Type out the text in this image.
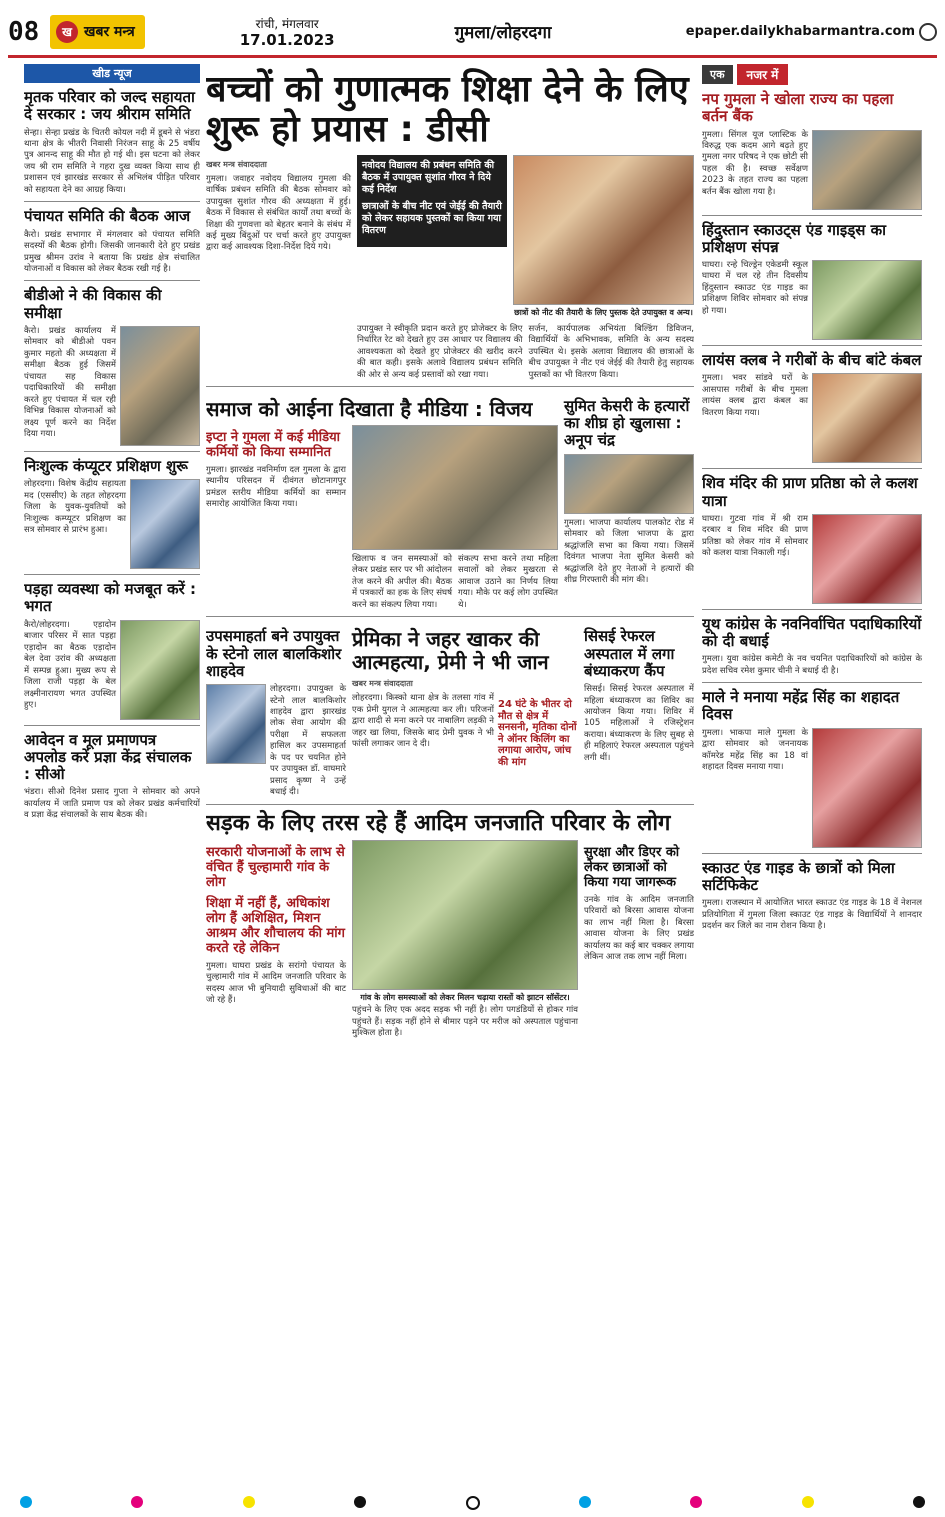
08	ख खबर मन्त्र
रांची, मंगलवार
17.01.2023	गुमला/लोहरदगा	epaper.dailykhabarmantra.com
खीड न्यूज
मृतक परिवार को जल्द सहायता दे सरकार : जय श्रीराम समिति
सेन्हा। सेन्हा प्रखंड के चितरी कोयल नदी में डूबने से भंडरा थाना क्षेत्र के भीतरी निवासी निरंजन साहू के 25 वर्षीय पुत्र आनन्द साहू की मौत हो गई थी। इस घटना को लेकर जय श्री राम समिति ने गहरा दुख व्यक्त किया साथ ही प्रशासन एवं झारखंड सरकार से अभिलंब पीड़ित परिवार को सहायता देने का आग्रह किया।
पंचायत समिति की बैठक आज
कैरो। प्रखंड सभागार में मंगलवार को पंचायत समिति सदस्यों की बैठक होगी। जिसकी जानकारी देते हुए प्रखंड प्रमुख श्रीमन उरांव ने बताया कि प्रखंड क्षेत्र संचालित योजनाओं व विकास को लेकर बैठक रखी गई है।
बीडीओ ने की विकास की समीक्षा
कैरो। प्रखंड कार्यालय में सोमवार को बीडीओ पवन कुमार महतो की अध्यक्षता में समीक्षा बैठक हुई जिसमें पंचायत सह विकास पदाधिकारियों की समीक्षा करते हुए पंचायत में चल रही विभिन्न विकास योजनाओं को लक्ष्य पूर्ण करने का निर्देश दिया गया।
निःशुल्क कंप्यूटर प्रशिक्षण शुरू
लोहरदगा। विशेष केंद्रीय सहायता मद (एससीए) के तहत लोहरदगा जिला के युवक-युवतियों को निःशुल्क कम्प्यूटर प्रशिक्षण का सत्र सोमवार से प्रारंभ हुआ।
पड़हा व्यवस्था को मजबूत करें : भगत
कैरो/लोहरदगा। एड़ादोन बाजार परिसर में सात पड़हा एड़ादोन का बैठक एड़ादोन बेल देवा उरांव की अध्यक्षता में सम्पन्न हुआ। मुख्य रूप से जिला राजी पड़हा के बेल लक्ष्मीनारायण भगत उपस्थित हुए।
आवेदन व मूल प्रमाणपत्र अपलोड करें प्रज्ञा केंद्र संचालक : सीओ
भंडरा। सीओ दिनेश प्रसाद गुप्ता ने सोमवार को अपने कार्यालय में जाति प्रमाण पत्र को लेकर प्रखंड कर्मचारियों व प्रज्ञा केंद्र संचालकों के साथ बैठक की।
बच्चों को गुणात्मक शिक्षा देने के लिए शुरू हो प्रयास : डीसी
खबर मन्त्र संवाददाता
गुमला। जवाहर नवोदय विद्यालय गुमला की वार्षिक प्रबंधन समिति की बैठक सोमवार को उपायुक्त सुशांत गौरव की अध्यक्षता में हुई। बैठक में विकास से संबंधित कार्यों तथा बच्चों के शिक्षा की गुणवत्ता को बेहतर बनाने के संबंध में कई मुख्य बिंदुओं पर चर्चा करते हुए उपायुक्त द्वारा कई आवश्यक दिशा-निर्देश दिये गये।

नवोदय विद्यालय की प्रबंधन समिति की बैठक में उपायुक्त सुशांत गौरव ने दिये कई निर्देश

छात्राओं के बीच नीट एवं जेईई की तैयारी को लेकर सहायक पुस्तकों का किया गया वितरण

छात्रों को नीट की तैयारी के लिए पुस्तक देते उपायुक्त व अन्य।
उपायुक्त ने स्वीकृति प्रदान करते हुए प्रोजेक्टर के लिए निर्धारित रेट को देखते हुए उस आधार पर विद्यालय की आवश्यकता को देखते हुए प्रोजेक्टर की खरीद करने की बात कही। इसके अलावे विद्यालय प्रबंधन समिति की ओर से अन्य कई प्रस्तावों को रखा गया।
सर्जन, कार्यपालक अभियंता बिल्डिंग डिविजन, विद्यार्थियों के अभिभावक, समिति के अन्य सदस्य उपस्थित थे। इसके अलावा विद्यालय की छात्राओं के बीच उपायुक्त ने नीट एवं जेईई की तैयारी हेतु सहायक पुस्तकों का भी वितरण किया।
समाज को आईना दिखाता है मीडिया : विजय
इप्टा ने गुमला में कई मीडिया कर्मियों को किया सम्मानित
गुमला। झारखंड नवनिर्माण दल गुमला के द्वारा स्थानीय परिसदन में दीवंगत छोटानागपुर प्रमंडल स्तरीय मीडिया कर्मियों का सम्मान समारोह आयोजित किया गया।
खिलाफ व जन समस्याओं को लेकर प्रखंड स्तर पर भी आंदोलन तेज करने की अपील की। बैठक में पत्रकारों का हक के लिए संघर्ष करने का संकल्प लिया गया।
संकल्प सभा करने तथा महिला सवालों को लेकर मुखरता से आवाज उठाने का निर्णय लिया गया। मौके पर कई लोग उपस्थित थे।
सुमित केसरी के हत्यारों का शीघ्र हो खुलासा : अनूप चंद्र
गुमला। भाजपा कार्यालय पालकोट रोड में सोमवार को जिला भाजपा के द्वारा श्रद्धांजलि सभा का किया गया। जिसमें दिवंगत भाजपा नेता सुमित केसरी को श्रद्धांजलि देते हुए नेताओं ने हत्यारों की शीघ्र गिरफ्तारी की मांग की।
उपसमाहर्ता बने उपायुक्त के स्टेनो लाल बालकिशोर शाहदेव
लोहरदगा। उपायुक्त के स्टेनो लाल बालकिशोर शाहदेव द्वारा झारखंड लोक सेवा आयोग की परीक्षा में सफलता हासिल कर उपसमाहर्ता के पद पर चयनित होने पर उपायुक्त डॉ. वाघमारे प्रसाद कृष्ण ने उन्हें बधाई दी।
प्रेमिका ने जहर खाकर की आत्महत्या, प्रेमी ने भी जान
खबर मन्त्र संवाददाता
लोहरदगा। किस्को थाना क्षेत्र के तलसा गांव में एक प्रेमी युगल ने आत्महत्या कर ली। परिजनों द्वारा शादी से मना करने पर नाबालिग लड़की ने जहर खा लिया, जिसके बाद प्रेमी युवक ने भी फांसी लगाकर जान दे दी।
24 घंटे के भीतर दो मौत से क्षेत्र में सनसनी, मृतिका दोनों ने ऑनर किलिंग का लगाया आरोप, जांच की मांग
सिसई रेफरल अस्पताल में लगा बंध्याकरण कैंप
सिसई। सिसई रेफरल अस्पताल में महिला बंध्याकरण का शिविर का आयोजन किया गया। शिविर में 105 महिलाओं ने रजिस्ट्रेशन कराया। बंध्याकरण के लिए सुबह से ही महिलाएं रेफरल अस्पताल पहुंचने लगी थीं।
सड़क के लिए तरस रहे हैं आदिम जनजाति परिवार के लोग
सरकारी योजनाओं के लाभ से वंचित हैं चुल्हामारी गांव के लोग
शिक्षा में नहीं हैं, अधिकांश लोग हैं अशिक्षित, मिशन आश्रम और शौचालय की मांग करते रहे लेकिन
गुमला। घाघरा प्रखंड के सरांगो पंचायत के चुल्हामारी गांव में आदिम जनजाति परिवार के सदस्य आज भी बुनियादी सुविधाओं की बाट जो रहे हैं।	गांव के लोग समस्याओं को लेकर मिलन चढ़ाया रास्तों को झाटन सॉसेंटर।
पहुंचने के लिए एक अदद सड़क भी नहीं है। लोग पगडंडियों से होकर गांव पहुंचते हैं। सड़क नहीं होने से बीमार पड़ने पर मरीज को अस्पताल पहुंचाना मुश्किल होता है।
सुरक्षा और डिएर को लेकर छात्राओं को किया गया जागरूक
उनके गांव के आदिम जनजाति परिवारों को बिरसा आवास योजना का लाभ नहीं मिला है। बिरसा आवास योजना के लिए प्रखंड कार्यालय का कई बार चक्कर लगाया लेकिन आज तक लाभ नहीं मिला।
एक	नजर में
नप गुमला ने खोला राज्य का पहला बर्तन बैंक
गुमला। सिंगल यूज प्लास्टिक के विरुद्ध एक कदम आगे बढ़ते हुए गुमला नगर परिषद ने एक छोटी सी पहल की है। स्वच्छ सर्वेक्षण 2023 के तहत राज्य का पहला बर्तन बैंक खोला गया है।
हिंदुस्तान स्काउट्स एंड गाइड्स का प्रशिक्षण संपन्न
घाघरा। रन्हे चिल्ड्रेन एकेडमी स्कूल घाघरा में चल रहे तीन दिवसीय हिंदुस्तान स्काउट एंड गाइड का प्रशिक्षण शिविर सोमवार को संपन्न हो गया।
लायंस क्लब ने गरीबों के बीच बांटे कंबल
गुमला। भवर सांडवे घरों के आसपास गरीबों के बीच गुमला लायंस क्लब द्वारा कंबल का वितरण किया गया।
शिव मंदिर की प्राण प्रतिष्ठा को ले कलश यात्रा
घाघरा। गुटवा गांव में श्री राम दरबार व शिव मंदिर की प्राण प्रतिष्ठा को लेकर गांव में सोमवार को कलश यात्रा निकाली गई।
यूथ कांग्रेस के नवनिर्वाचित पदाधिकारियों को दी बधाई
गुमला। युवा कांग्रेस कमेटी के नव चयनित पदाधिकारियों को कांग्रेस के प्रदेश सचिव रमेश कुमार चीनी ने बधाई दी है।
माले ने मनाया महेंद्र सिंह का शहादत दिवस
गुमला। भाकपा माले गुमला के द्वारा सोमवार को जननायक कॉमरेड महेंद्र सिंह का 18 वां शहादत दिवस मनाया गया।
स्काउट एंड गाइड के छात्रों को मिला सर्टिफिकेट
गुमला। राजस्थान में आयोजित भारत स्काउट एंड गाइड के 18 वें नेशनल प्रतियोगिता में गुमला जिला स्काउट एंड गाइड के विद्यार्थियों ने शानदार प्रदर्शन कर जिले का नाम रोशन किया है।
